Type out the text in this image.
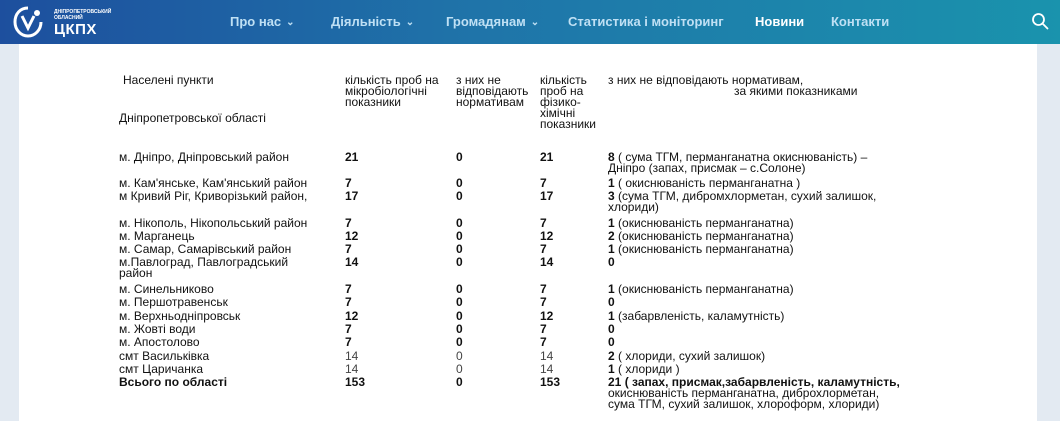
ДНІПРОПЕТРОВСЬКИЙ ОБЛАСНИЙ
ЦКПХ	Про нас ⌄	Діяльність ⌄ Громадянам ⌄ Статистика і моніторинг Новини Контакти
Населені пункти
Дніпропетровської області
кількість проб на мікробіологічні показники
з них не відповідають нормативам
кількість проб на фізико-хімічні показники
з них не відповідають нормативам,
за якими показниками
м. Дніпро, Дніпровський район	21	0	21	8 ( сума ТГМ, перманганатна окиснюваність) –
Дніпро (запах, присмак – с.Солоне)
м. Кам'янське, Кам'янський район	7	0	7	1 ( окиснюваність перманганатна )
м Кривий Ріг, Криворізький район,	17	0	17	3 (сума ТГМ, дибромхлорметан, сухий залишок,
хлориди)
м. Нікополь, Нікопольський район	7	0	7	1 (окиснюваність перманганатна)
м. Марганець	12	0	12	2 (окиснюваність перманганатна)
м. Самар, Самарівський район	7	0	7	1 (окиснюваність перманганатна)
м.Павлоград, Павлоградський
район
14	0	14	0
м. Синельниково	7	0	7	1 (окиснюваність перманганатна)
м. Першотравенськ	7	0	7	0
м. Верхньодніпровськ	12	0	12	1 (забарвленість, каламутність)
м. Жовті води	7	0	7	0
м. Апостолово	7	0	7	0
смт Васильківка	14	0	14	2 ( хлориди, сухий залишок)
смт Царичанка	14	0	14	1 ( хлориди )
Всього по області	153	0	153	21 ( запах, присмак,забарвленість, каламутність,
окиснюваність перманганатна, диброхлорметан,
сума ТГМ, сухий залишок, хлороформ, хлориди)
